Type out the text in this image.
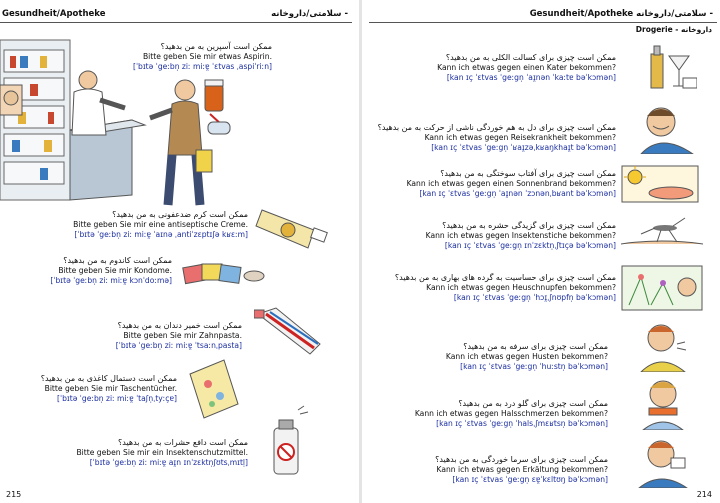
Gesundheit/Apotheke	سلامتی/داروخانه -
ممکن است آسپرین به من بدهید؟
Bitte geben Sie mir etwas Aspirin.
[ˈbɪtə ˈgeːbn̩ ziː miːɐ̯ ˈɛtvas ˌaspiˈriːn]
ممکن است کرم ضدعفونی به من بدهید؟
Bitte geben Sie mir eine antiseptische Creme.
[ˈbɪtə ˈgeːbn̩ ziː miːɐ̯ ˈaɪnə ˌantiˈzɛptɪʃə kʁɛːm]
ممکن است کاندوم به من بدهید؟
Bitte geben Sie mir Kondome.
[ˈbɪtə ˈgeːbn̩ ziː miːɐ̯ kɔnˈdoːmə]
ممکن است خمیر دندان به من بدهید؟
Bitte geben Sie mir Zahnpasta.
[ˈbɪtə ˈgeːbn̩ ziː miːɐ̯ ˈtsaːnˌpasta]
ممکن است دستمال کاغذی به من بدهید؟
Bitte geben Sie mir Taschentücher.
[ˈbɪtə ˈgeːbn̩ ziː miːɐ̯ ˈtaʃn̩ˌtyːçɐ]
ممکن است دافع حشرات به من بدهید؟
Bitte geben Sie mir ein Insektenschutzmittel.
[ˈbɪtə ˈgeːbn̩ ziː miːɐ̯ aɪ̯n ɪnˈzɛktn̩ʃʊtsˌmɪtl̩]
215
Gesundheit/Apotheke سلامتی/داروخانه -
Drogerie - داروخانه
ممکن است چیزی برای کسالت الکلی به من بدهید؟
Kann ich etwas gegen einen Kater bekommen?
[kan ɪç ˈɛtvas ˈgeːgn̩ ˈaɪ̯nən ˈkaːtɐ bəˈkɔmən]
ممکن است چیزی برای دل به هم خوردگی ناشی از حرکت به من بدهید؟
Kann ich etwas gegen Reisekrankheit bekommen?
[kan ɪç ˈɛtvas ˈgeːgn̩ ˈʁaɪ̯zəˌkʁaŋkhaɪ̯t bəˈkɔmən]
ممکن است چیزی برای آفتاب سوختگی به من بدهید؟
Kann ich etwas gegen einen Sonnenbrand bekommen?
[kan ɪç ˈɛtvas ˈgeːgn̩ ˈaɪ̯nən ˈzɔnənˌbʁant bəˈkɔmən]
ممکن است چیزی برای گزیدگی حشره به من بدهید؟
Kann ich etwas gegen Insektenstiche bekommen?
[kan ɪç ˈɛtvas ˈgeːgn̩ ɪnˈzɛktn̩ˌʃtɪçə bəˈkɔmən]
ممکن است چیزی برای حساسیت به گرده های بهاری به من بدهید؟
Kann ich etwas gegen Heuschnupfen bekommen?
[kan ɪç ˈɛtvas ˈgeːgn̩ ˈhɔɪ̯ˌʃnʊpfn̩ bəˈkɔmən]
ممکن است چیزی برای سرفه به من بدهید؟
Kann ich etwas gegen Husten bekommen?
[kan ɪç ˈɛtvas ˈgeːgn̩ ˈhuːstn̩ bəˈkɔmən]
ممکن است چیزی برای گلو درد به من بدهید؟
Kann ich etwas gegen Halsschmerzen bekommen?
[kan ɪç ˈɛtvas ˈgeːgn̩ ˈhalsˌʃmɛʁtsn̩ bəˈkɔmən]
ممکن است چیزی برای سرما خوردگی به من بدهید؟
Kann ich etwas gegen Erkältung bekommen?
[kan ɪç ˈɛtvas ˈgeːgn̩ ɛɐ̯ˈkɛltʊŋ bəˈkɔmən]
214
